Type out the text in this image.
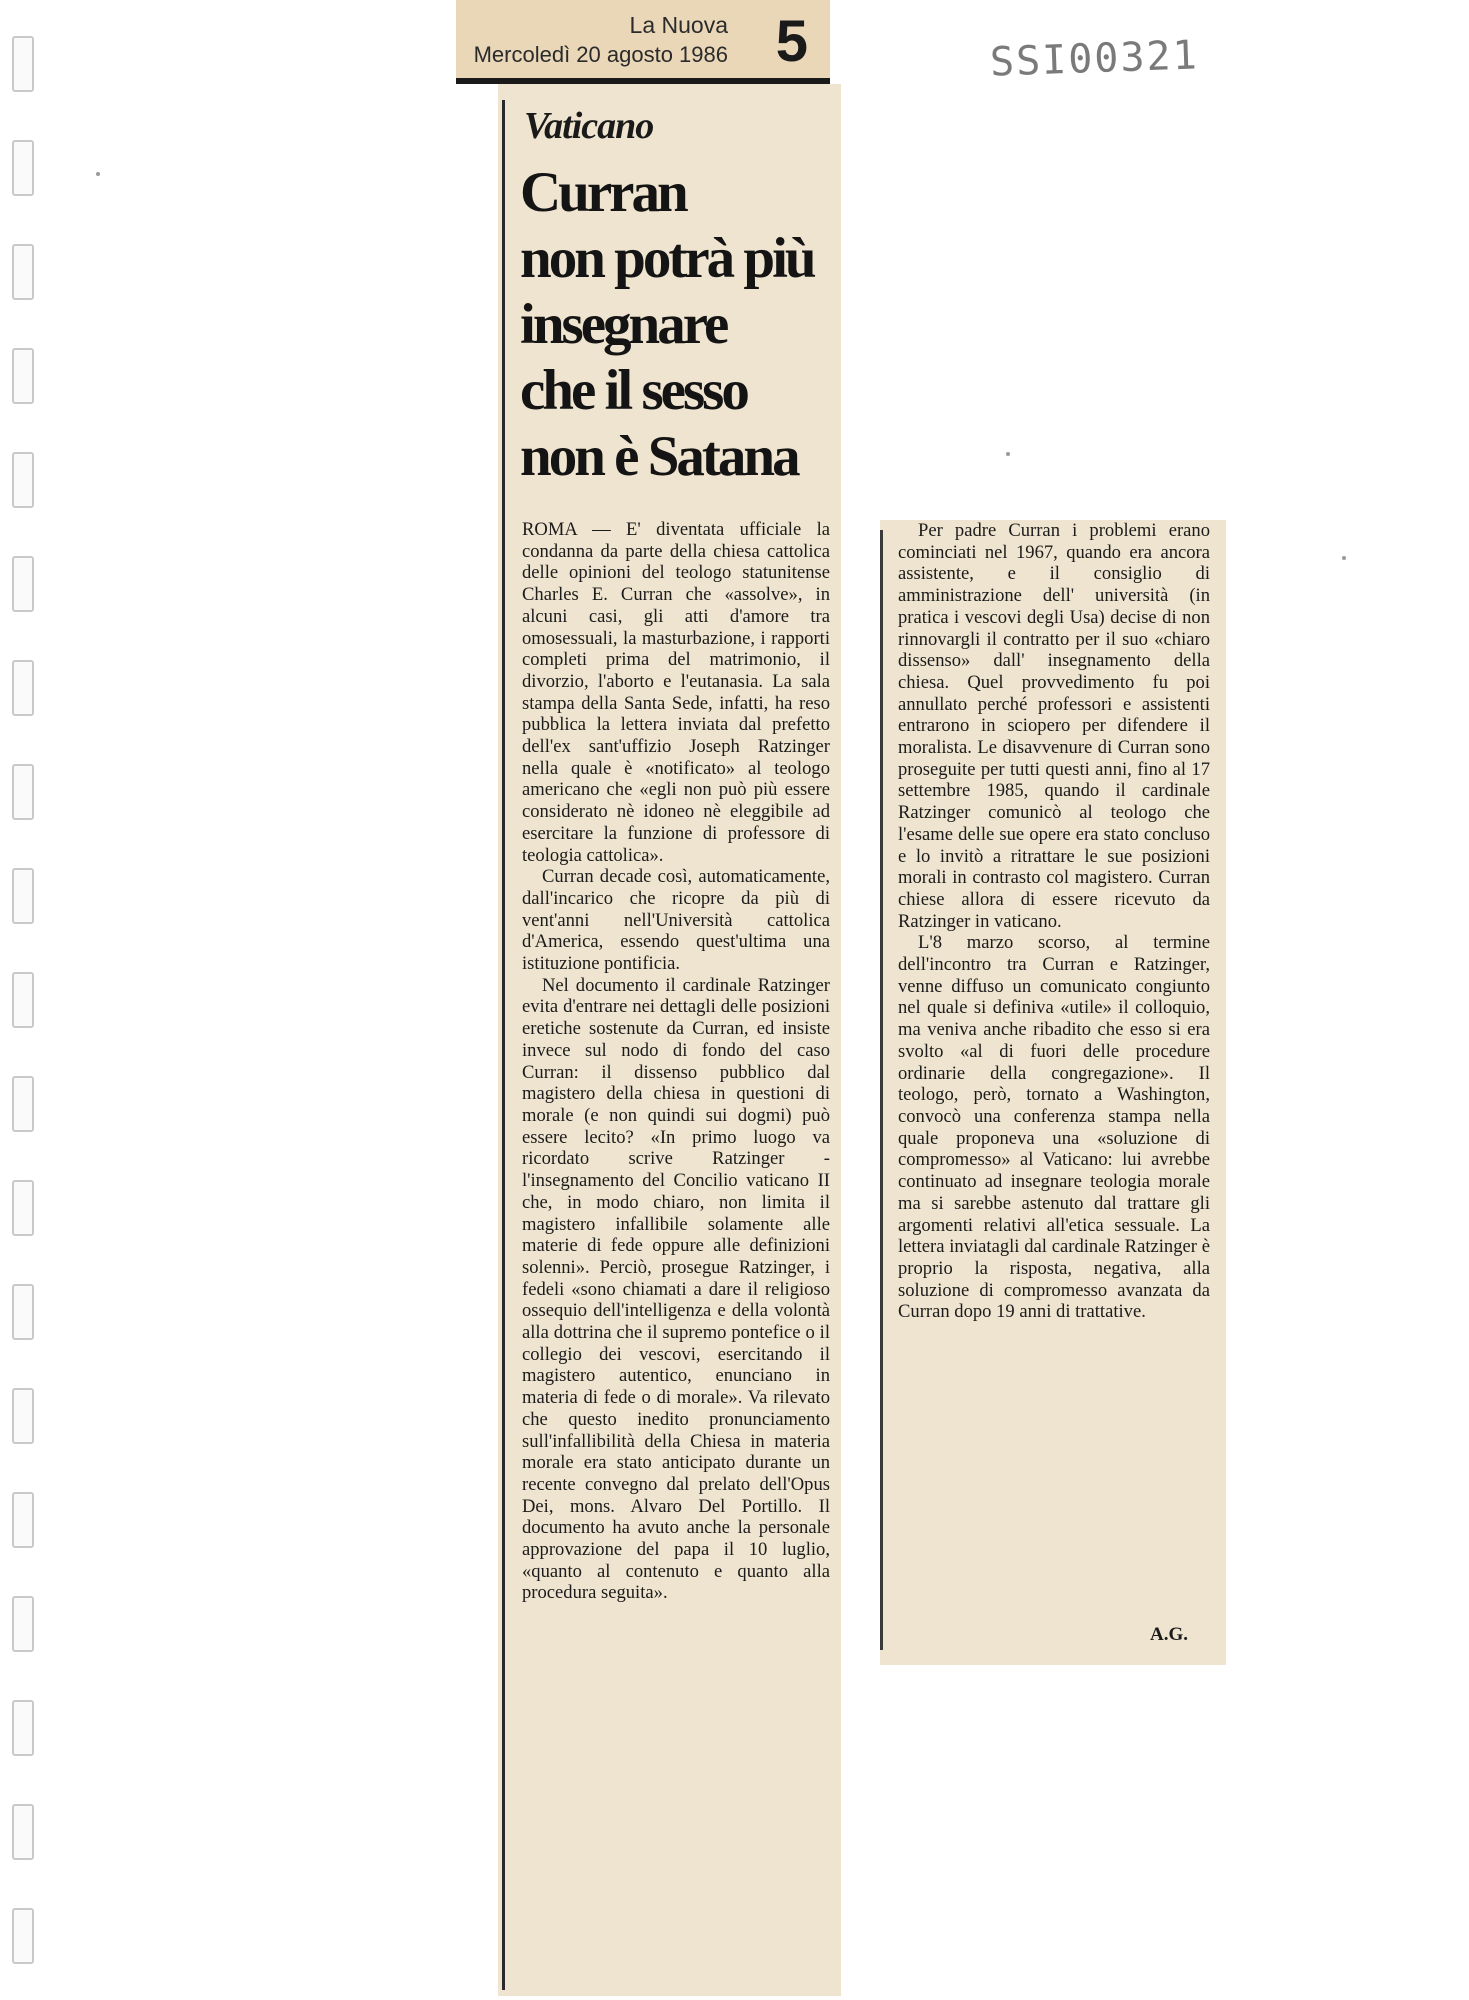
SSI00321
La Nuova
Mercoledì 20 agosto 1986 5
Vaticano
Curran
non potrà più
insegnare
che il sesso
non è Satana

ROMA — E' diventata ufficiale la condanna da parte della chiesa cattolica delle opinioni del teologo statunitense Charles E. Curran che «assolve», in alcuni casi, gli atti d'amore tra omosessuali, la masturbazione, i rapporti completi prima del matrimonio, il divorzio, l'aborto e l'eutanasia. La sala stampa della Santa Sede, infatti, ha reso pubblica la lettera inviata dal prefetto dell'ex sant'uffizio Joseph Ratzinger nella quale è «notificato» al teologo americano che «egli non può più essere considerato nè idoneo nè eleggibile ad esercitare la funzione di professore di teologia cattolica».

Curran decade così, automaticamente, dall'incarico che ricopre da più di vent'anni nell'Università cattolica d'America, essendo quest'ultima una istituzione pontificia.

Nel documento il cardinale Ratzinger evita d'entrare nei dettagli delle posizioni eretiche sostenute da Curran, ed insiste invece sul nodo di fondo del caso Curran: il dissenso pubblico dal magistero della chiesa in questioni di morale (e non quindi sui dogmi) può essere lecito? «In primo luogo va ricordato scrive Ratzinger - l'insegnamento del Concilio vaticano II che, in modo chiaro, non limita il magistero infallibile solamente alle materie di fede oppure alle definizioni solenni». Perciò, prosegue Ratzinger, i fedeli «sono chiamati a dare il religioso ossequio dell'intelligenza e della volontà alla dottrina che il supremo pontefice o il collegio dei vescovi, esercitando il magistero autentico, enunciano in materia di fede o di morale». Va rilevato che questo inedito pronunciamento sull'infallibilità della Chiesa in materia morale era stato anticipato durante un recente convegno dal prelato dell'Opus Dei, mons. Alvaro Del Portillo. Il documento ha avuto anche la personale approvazione del papa il 10 luglio, «quanto al contenuto e quanto alla procedura seguita».

Per padre Curran i problemi erano cominciati nel 1967, quando era ancora assistente, e il consiglio di amministrazione dell' università (in pratica i vescovi degli Usa) decise di non rinnovargli il contratto per il suo «chiaro dissenso» dall' insegnamento della chiesa. Quel provvedimento fu poi annullato perché professori e assistenti entrarono in sciopero per difendere il moralista. Le disavvenure di Curran sono proseguite per tutti questi anni, fino al 17 settembre 1985, quando il cardinale Ratzinger comunicò al teologo che l'esame delle sue opere era stato concluso e lo invitò a ritrattare le sue posizioni morali in contrasto col magistero. Curran chiese allora di essere ricevuto da Ratzinger in vaticano.

L'8 marzo scorso, al termine dell'incontro tra Curran e Ratzinger, venne diffuso un comunicato congiunto nel quale si definiva «utile» il colloquio, ma veniva anche ribadito che esso si era svolto «al di fuori delle procedure ordinarie della congregazione». Il teologo, però, tornato a Washington, convocò una conferenza stampa nella quale proponeva una «soluzione di compromesso» al Vaticano: lui avrebbe continuato ad insegnare teologia morale ma si sarebbe astenuto dal trattare gli argomenti relativi all'etica sessuale. La lettera inviatagli dal cardinale Ratzinger è proprio la risposta, negativa, alla soluzione di compromesso avanzata da Curran dopo 19 anni di trattative.

A.G.
